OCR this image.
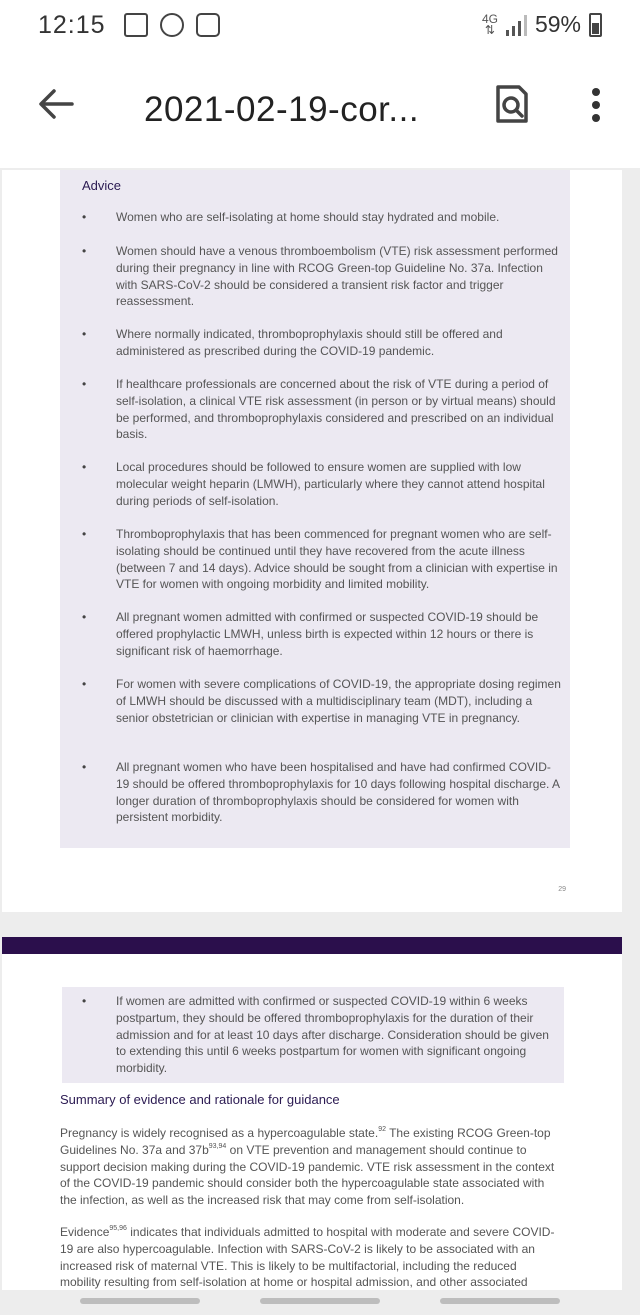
12:15	4G
⇅ 59%
2021-02-19-cor...
Advice
•	Women who are self-isolating at home should stay hydrated and mobile.
•	Women should have a venous thromboembolism (VTE) risk assessment performed during their pregnancy in line with RCOG Green-top Guideline No. 37a. Infection with SARS-CoV-2 should be considered a transient risk factor and trigger reassessment.
•	Where normally indicated, thromboprophylaxis should still be offered and administered as prescribed during the COVID-19 pandemic.
•	If healthcare professionals are concerned about the risk of VTE during a period of self-isolation, a clinical VTE risk assessment (in person or by virtual means) should be performed, and thromboprophylaxis considered and prescribed on an individual basis.
•	Local procedures should be followed to ensure women are supplied with low molecular weight heparin (LMWH), particularly where they cannot attend hospital during periods of self-isolation.
•	Thromboprophylaxis that has been commenced for pregnant women who are self-isolating should be continued until they have recovered from the acute illness (between 7 and 14 days). Advice should be sought from a clinician with expertise in VTE for women with ongoing morbidity and limited mobility.
•	All pregnant women admitted with confirmed or suspected COVID-19 should be offered prophylactic LMWH, unless birth is expected within 12 hours or there is significant risk of haemorrhage.
•	For women with severe complications of COVID-19, the appropriate dosing regimen of LMWH should be discussed with a multidisciplinary team (MDT), including a senior obstetrician or clinician with expertise in managing VTE in pregnancy.
•	All pregnant women who have been hospitalised and have had confirmed COVID-19 should be offered thromboprophylaxis for 10 days following hospital discharge. A longer duration of thromboprophylaxis should be considered for women with persistent morbidity.
29
•	If women are admitted with confirmed or suspected COVID-19 within 6 weeks postpartum, they should be offered thromboprophylaxis for the duration of their admission and for at least 10 days after discharge. Consideration should be given to extending this until 6 weeks postpartum for women with significant ongoing morbidity.
Summary of evidence and rationale for guidance
Pregnancy is widely recognised as a hypercoagulable state.$^{92}$ The existing RCOG Green-top Guidelines No. 37a and $37b^{93,94}$ on VTE prevention and management should continue to support decision making during the COVID-19 pandemic. VTE risk assessment in the context of the COVID-19 pandemic should consider both the hypercoagulable state associated with the infection, as well as the increased risk that may come from self-isolation.
Evidence$^{95,96}$ indicates that individuals admitted to hospital with moderate and severe COVID-19 are also hypercoagulable. Infection with SARS-CoV-2 is likely to be associated with an increased risk of maternal VTE. This is likely to be multifactorial, including the reduced mobility resulting from self-isolation at home or hospital admission, and other associated
